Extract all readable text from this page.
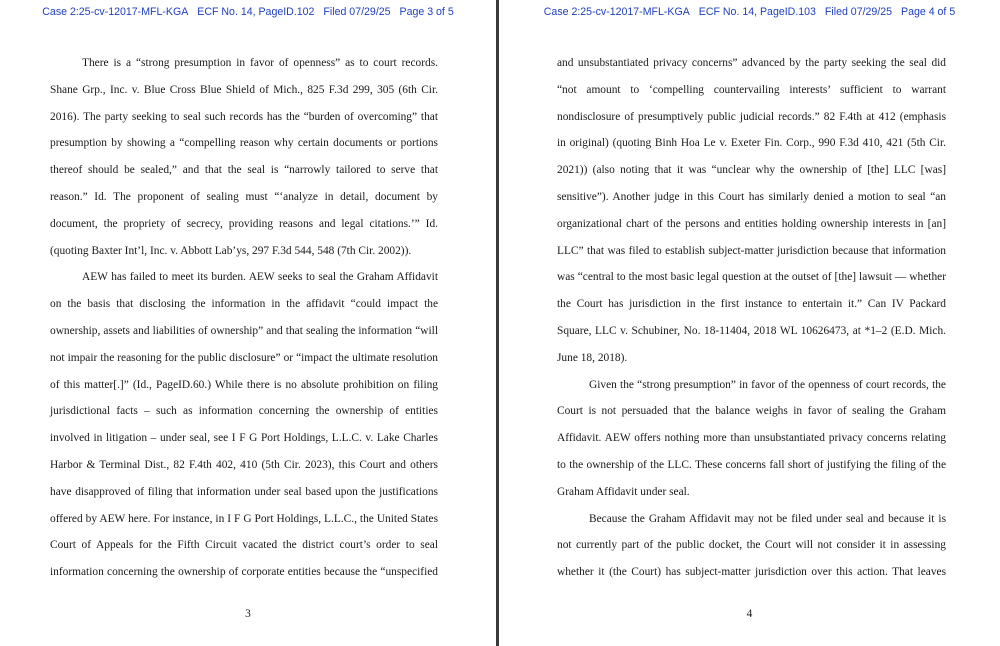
Case 2:25-cv-12017-MFL-KGA ECF No. 14, PageID.102 Filed 07/29/25 Page 3 of 5
There is a “strong presumption in favor of openness” as to court records.
Shane Grp., Inc. v. Blue Cross Blue Shield of Mich., 825 F.3d 299, 305 (6th Cir.
2016). The party seeking to seal such records has the “burden of overcoming” that
presumption by showing a “compelling reason why certain documents or portions
thereof should be sealed,” and that the seal is “narrowly tailored to serve that
reason.” Id. The proponent of sealing must “‘analyze in detail, document by
document, the propriety of secrecy, providing reasons and legal citations.’” Id.
(quoting Baxter Int’l, Inc. v. Abbott Lab’ys, 297 F.3d 544, 548 (7th Cir. 2002)).
AEW has failed to meet its burden. AEW seeks to seal the Graham Affidavit
on the basis that disclosing the information in the affidavit “could impact the
ownership, assets and liabilities of ownership” and that sealing the information “will
not impair the reasoning for the public disclosure” or “impact the ultimate resolution
of this matter[.]” (Id., PageID.60.) While there is no absolute prohibition on filing
jurisdictional facts – such as information concerning the ownership of entities
involved in litigation – under seal, see I F G Port Holdings, L.L.C. v. Lake Charles
Harbor & Terminal Dist., 82 F.4th 402, 410 (5th Cir. 2023), this Court and others
have disapproved of filing that information under seal based upon the justifications
offered by AEW here. For instance, in I F G Port Holdings, L.L.C., the United States
Court of Appeals for the Fifth Circuit vacated the district court’s order to seal
information concerning the ownership of corporate entities because the “unspecified
3
Case 2:25-cv-12017-MFL-KGA ECF No. 14, PageID.103 Filed 07/29/25 Page 4 of 5
and unsubstantiated privacy concerns” advanced by the party seeking the seal did
“not amount to ‘compelling countervailing interests’ sufficient to warrant
nondisclosure of presumptively public judicial records.” 82 F.4th at 412 (emphasis
in original) (quoting Binh Hoa Le v. Exeter Fin. Corp., 990 F.3d 410, 421 (5th Cir.
2021)) (also noting that it was “unclear why the ownership of [the] LLC [was]
sensitive”). Another judge in this Court has similarly denied a motion to seal “an
organizational chart of the persons and entities holding ownership interests in [an]
LLC” that was filed to establish subject-matter jurisdiction because that information
was “central to the most basic legal question at the outset of [the] lawsuit — whether
the Court has jurisdiction in the first instance to entertain it.” Can IV Packard
Square, LLC v. Schubiner, No. 18-11404, 2018 WL 10626473, at *1–2 (E.D. Mich.
June 18, 2018).
Given the “strong presumption” in favor of the openness of court records, the
Court is not persuaded that the balance weighs in favor of sealing the Graham
Affidavit. AEW offers nothing more than unsubstantiated privacy concerns relating
to the ownership of the LLC. These concerns fall short of justifying the filing of the
Graham Affidavit under seal.
Because the Graham Affidavit may not be filed under seal and because it is
not currently part of the public docket, the Court will not consider it in assessing
whether it (the Court) has subject-matter jurisdiction over this action. That leaves
4
